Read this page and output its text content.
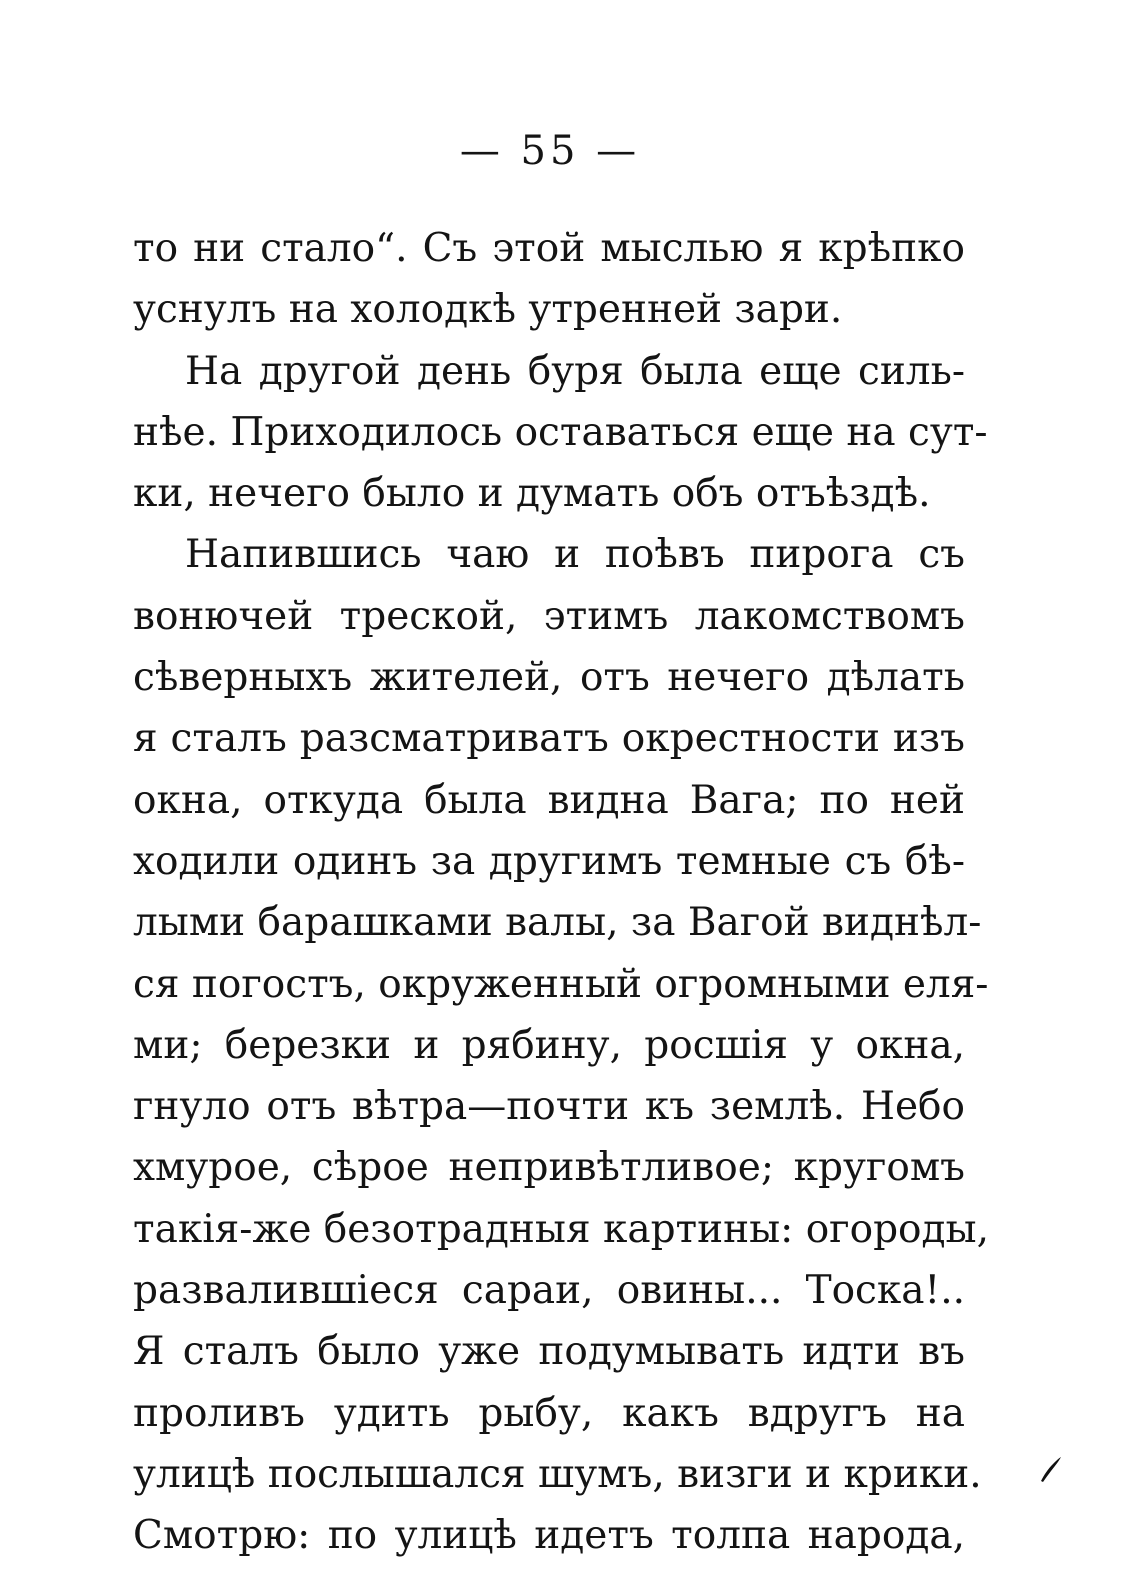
— 55 —
то ни стало“. Съ этой мыслью я крѣпко
уснулъ на холодкѣ утренней зари.
На другой день буря была еще силь-
нѣе. Приходилось оставаться еще на сут-
ки, нечего было и думать объ отъѣздѣ.
Напившись чаю и поѣвъ пирога съ
вонючей трескoй, этимъ лакомствомъ
сѣверныхъ жителей, отъ нечего дѣлать
я сталъ разсматриватъ окрестности изъ
окна, откуда была видна Вага; по ней
ходили одинъ за другимъ темные съ бѣ-
лыми барашками валы, за Вагой виднѣл-
ся погостъ, окруженный огромными еля-
ми; березки и рябину, росшія у окна,
гнуло отъ вѣтра—почти къ землѣ. Небо
хмурое, сѣрое непривѣтливое; кругомъ
такія-же безотрадныя картины: огороды,
развалившіеся сараи, овины... Тоска!..
Я сталъ было уже подумывать идти въ
проливъ удить рыбу, какъ вдругъ на
улицѣ послышался шумъ, визги и крики.
Смотрю: по улицѣ идетъ толпа народа,
